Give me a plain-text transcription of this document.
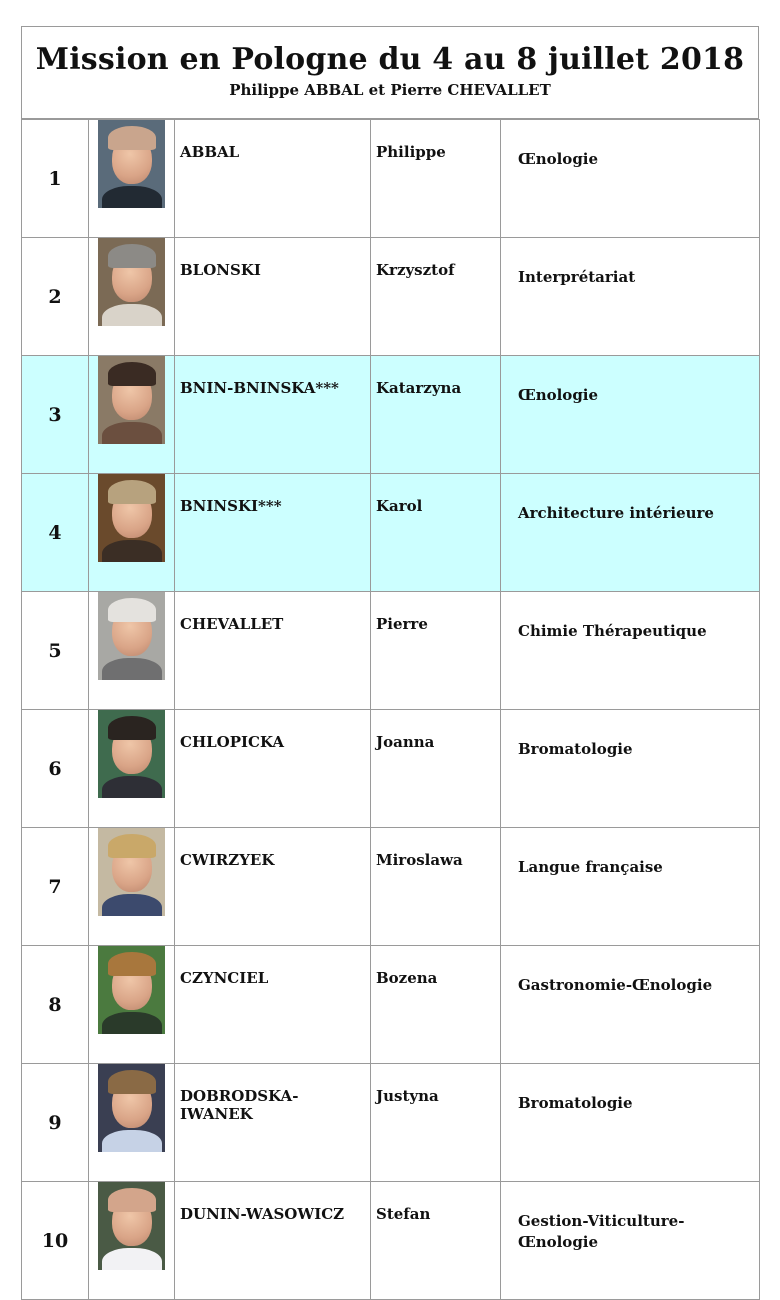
Mission en Pologne du 4 au 8 juillet 2018
Philippe ABBAL et Pierre CHEVALLET
1		ABBAL	Philippe	Œnologie
2		BLONSKI	Krzysztof	Interprétariat
3		BNIN-BNINSKA***	Katarzyna	Œnologie
4		BNINSKI***	Karol	Architecture intérieure
5		CHEVALLET	Pierre	Chimie Thérapeutique
6		CHLOPICKA	Joanna	Bromatologie
7		CWIRZYEK	Miroslawa	Langue française
8		CZYNCIEL	Bozena	Gastronomie-Œnologie
9		DOBRODSKA-
IWANEK	Justyna	Bromatologie
10		DUNIN-WASOWICZ	Stefan	Gestion-Viticulture-
Œnologie
